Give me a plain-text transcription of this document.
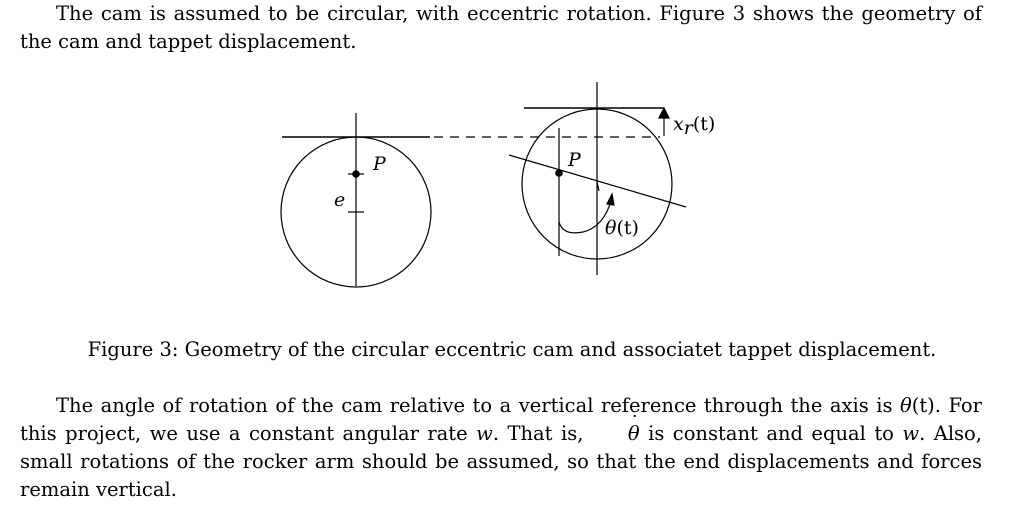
The cam is assumed to be circular, with eccentric rotation. Figure 3 shows the geometry of the cam and tappet displacement.

P
e
P
θ(t)
xr(t)

Figure 3: Geometry of the circular eccentric cam and associatet tappet displacement.

The angle of rotation of the cam relative to a vertical reference through the axis is θ(t). For this project, we use a constant angular rate w. That is, ˙ θ is constant and equal to w. Also, small rotations of the rocker arm should be assumed, so that the end displacements and forces remain vertical.
